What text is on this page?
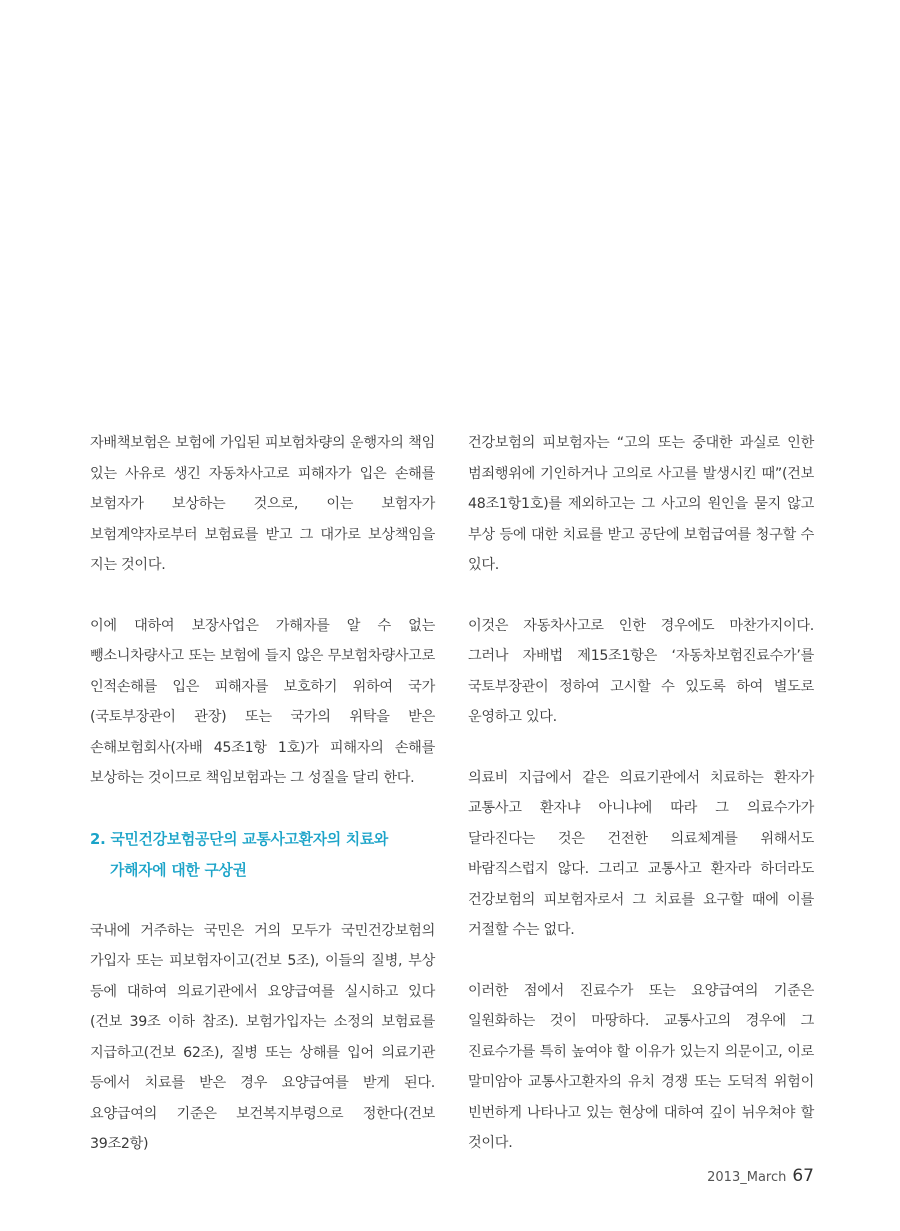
자배책보험은 보험에 가입된 피보험차량의 운행자의 책임 있는 사유로 생긴 자동차사고로 피해자가 입은 손해를 보험자가 보상하는 것으로, 이는 보험자가 보험계약자로부터 보험료를 받고 그 대가로 보상책임을 지는 것이다.

이에 대하여 보장사업은 가해자를 알 수 없는 뺑소니차량사고 또는 보험에 들지 않은 무보험차량사고로 인적손해를 입은 피해자를 보호하기 위하여 국가(국토부장관이 관장) 또는 국가의 위탁을 받은 손해보험회사(자배 45조1항 1호)가 피해자의 손해를 보상하는 것이므로 책임보험과는 그 성질을 달리 한다.

2. 국민건강보험공단의 교통사고환자의 치료와 가해자에 대한 구상권

국내에 거주하는 국민은 거의 모두가 국민건강보험의 가입자 또는 피보험자이고(건보 5조), 이들의 질병, 부상 등에 대하여 의료기관에서 요양급여를 실시하고 있다(건보 39조 이하 참조). 보험가입자는 소정의 보험료를 지급하고(건보 62조), 질병 또는 상해를 입어 의료기관 등에서 치료를 받은 경우 요양급여를 받게 된다. 요양급여의 기준은 보건복지부령으로 정한다(건보 39조2항)

건강보험의 피보험자는 “고의 또는 중대한 과실로 인한 범죄행위에 기인하거나 고의로 사고를 발생시킨 때”(건보 48조1항1호)를 제외하고는 그 사고의 원인을 묻지 않고 부상 등에 대한 치료를 받고 공단에 보험급여를 청구할 수 있다.

이것은 자동차사고로 인한 경우에도 마찬가지이다. 그러나 자배법 제15조1항은 ‘자동차보험진료수가’를 국토부장관이 정하여 고시할 수 있도록 하여 별도로 운영하고 있다.

의료비 지급에서 같은 의료기관에서 치료하는 환자가 교통사고 환자냐 아니냐에 따라 그 의료수가가 달라진다는 것은 건전한 의료체계를 위해서도 바람직스럽지 않다. 그리고 교통사고 환자라 하더라도 건강보험의 피보험자로서 그 치료를 요구할 때에 이를 거절할 수는 없다.

이러한 점에서 진료수가 또는 요양급여의 기준은 일원화하는 것이 마땅하다. 교통사고의 경우에 그 진료수가를 특히 높여야 할 이유가 있는지 의문이고, 이로 말미암아 교통사고환자의 유치 경쟁 또는 도덕적 위험이 빈번하게 나타나고 있는 현상에 대하여 깊이 뉘우쳐야 할 것이다.

2013_March 67
